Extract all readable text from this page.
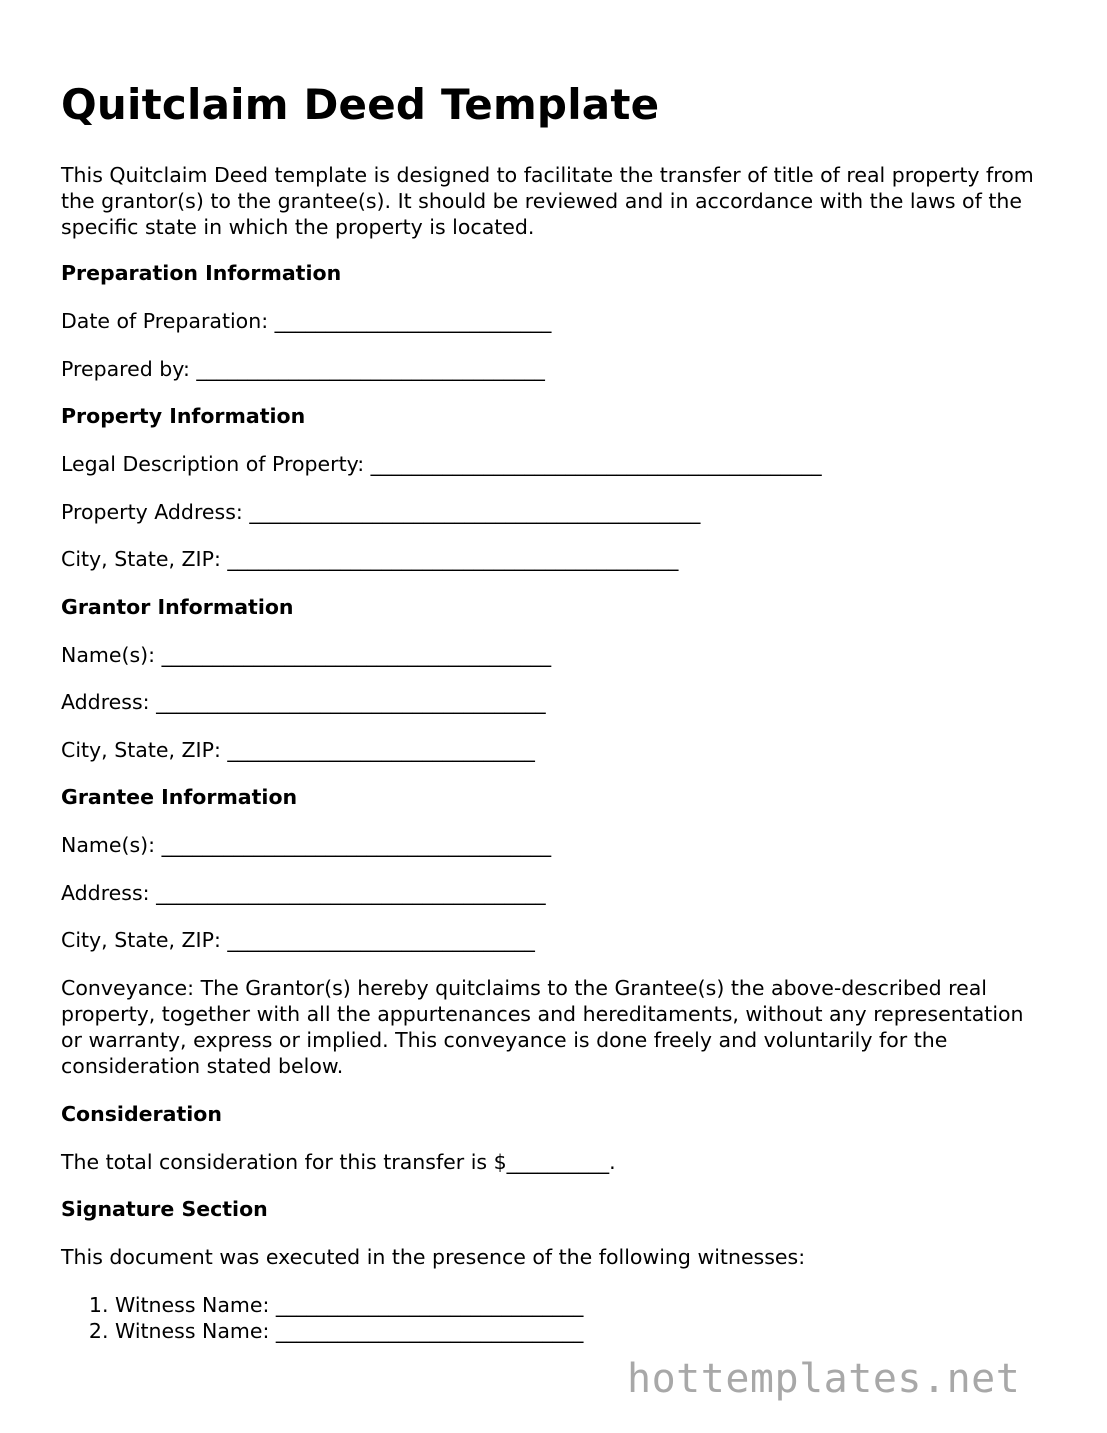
Quitclaim Deed Template

This Quitclaim Deed template is designed to facilitate the transfer of title of real property from the grantor(s) to the grantee(s). It should be reviewed and in accordance with the laws of the specific state in which the property is located.

Preparation Information
Date of Preparation: ___________________________
Prepared by: __________________________________
Property Information
Legal Description of Property: ____________________________________________
Property Address: ____________________________________________
City, State, ZIP: ____________________________________________
Grantor Information
Name(s): ______________________________________
Address: ______________________________________
City, State, ZIP: ______________________________
Grantee Information
Name(s): ______________________________________
Address: ______________________________________
City, State, ZIP: ______________________________

Conveyance: The Grantor(s) hereby quitclaims to the Grantee(s) the above-described real property, together with all the appurtenances and hereditaments, without any representation or warranty, express or implied. This conveyance is done freely and voluntarily for the consideration stated below.

Consideration
The total consideration for this transfer is $__________.
Signature Section
This document was executed in the presence of the following witnesses:
1. Witness Name: ______________________________
2. Witness Name: ______________________________
hottemplates.net
